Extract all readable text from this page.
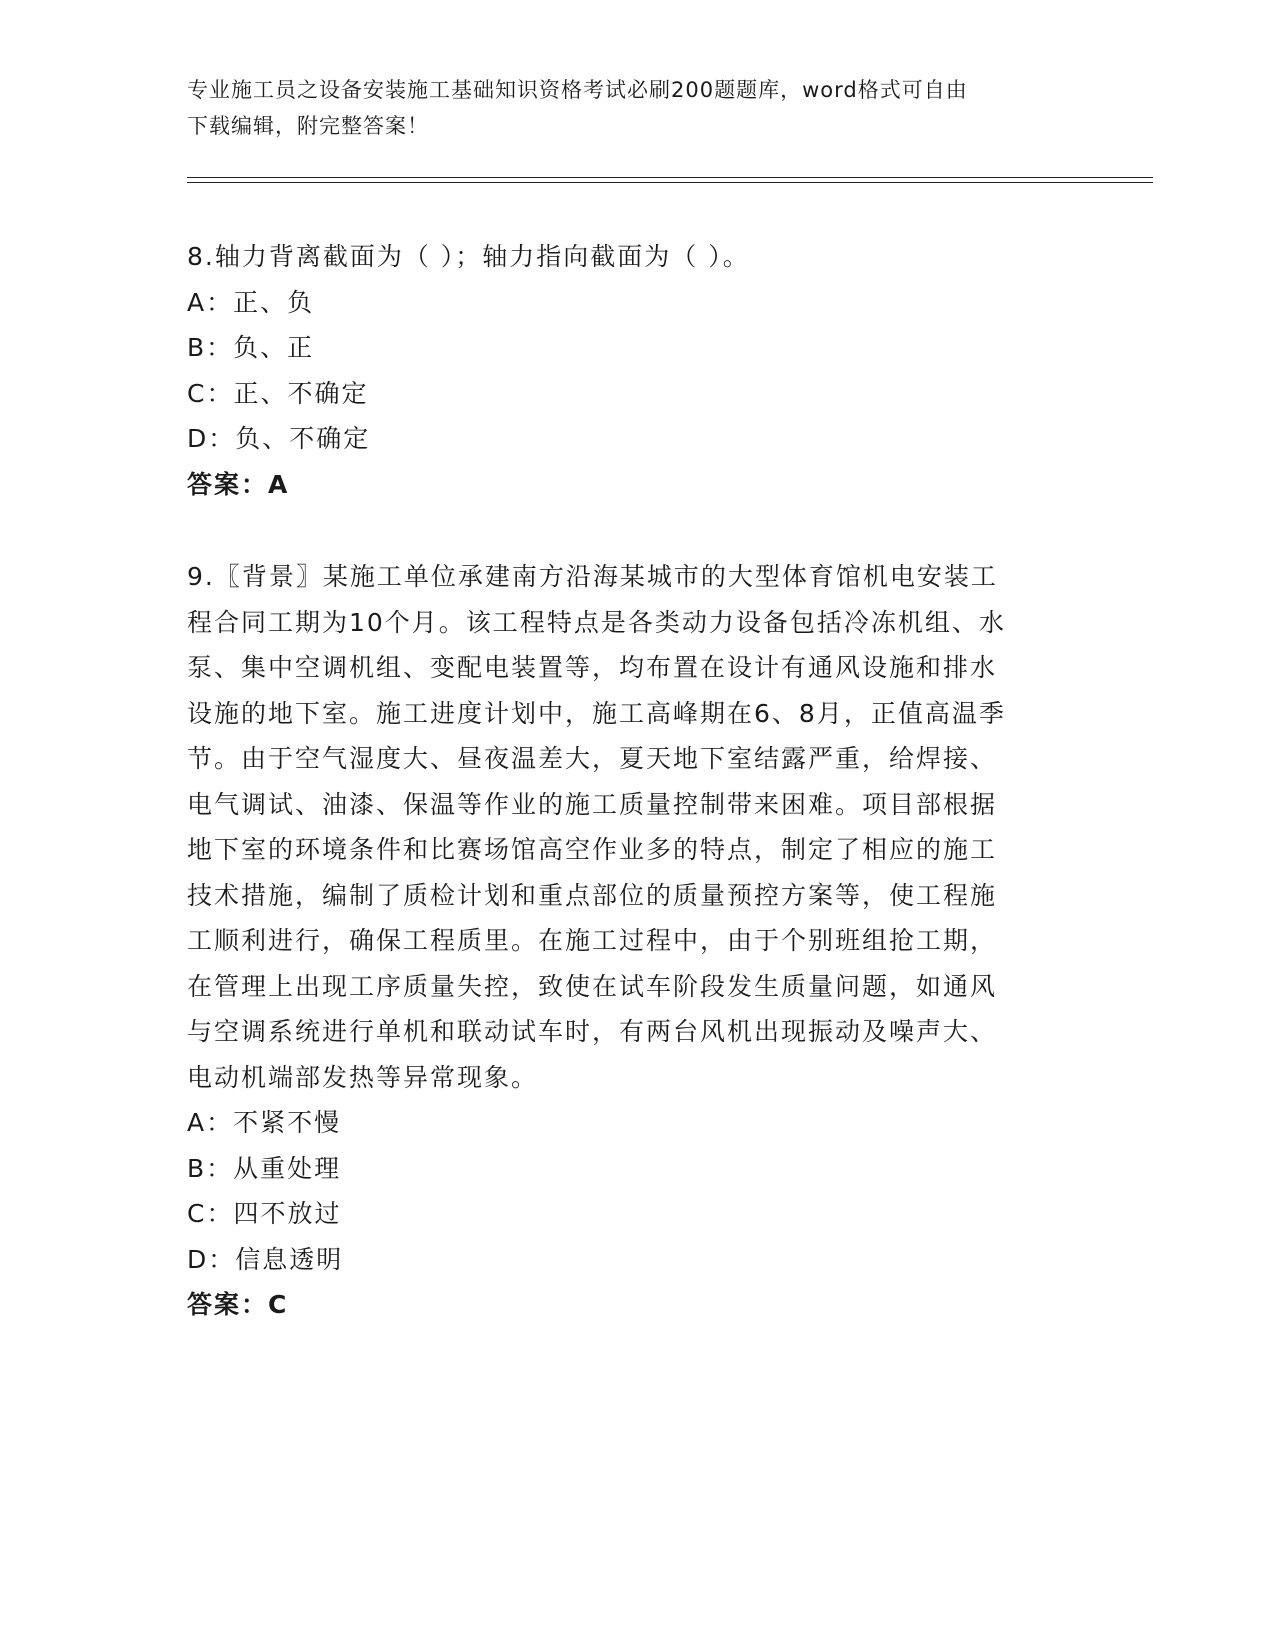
专业施工员之设备安装施工基础知识资格考试必刷200题题库，word格式可自由
下载编辑，附完整答案！
8.轴力背离截面为（ ）；轴力指向截面为（ ）。
A：正、负
B：负、正
C：正、不确定
D：负、不确定
答案：A
9.〖背景〗某施工单位承建南方沿海某城市的大型体育馆机电安装工
程合同工期为10个月。该工程特点是各类动力设备包括冷冻机组、水
泵、集中空调机组、变配电装置等，均布置在设计有通风设施和排水
设施的地下室。施工进度计划中，施工高峰期在6、8月，正值高温季
节。由于空气湿度大、昼夜温差大，夏天地下室结露严重，给焊接、
电气调试、油漆、保温等作业的施工质量控制带来困难。项目部根据
地下室的环境条件和比赛场馆高空作业多的特点，制定了相应的施工
技术措施，编制了质检计划和重点部位的质量预控方案等，使工程施
工顺利进行，确保工程质里。在施工过程中，由于个别班组抢工期，
在管理上出现工序质量失控，致使在试车阶段发生质量问题，如通风
与空调系统进行单机和联动试车时，有两台风机出现振动及噪声大、
电动机端部发热等异常现象。
A：不紧不慢
B：从重处理
C：四不放过
D：信息透明
答案：C
